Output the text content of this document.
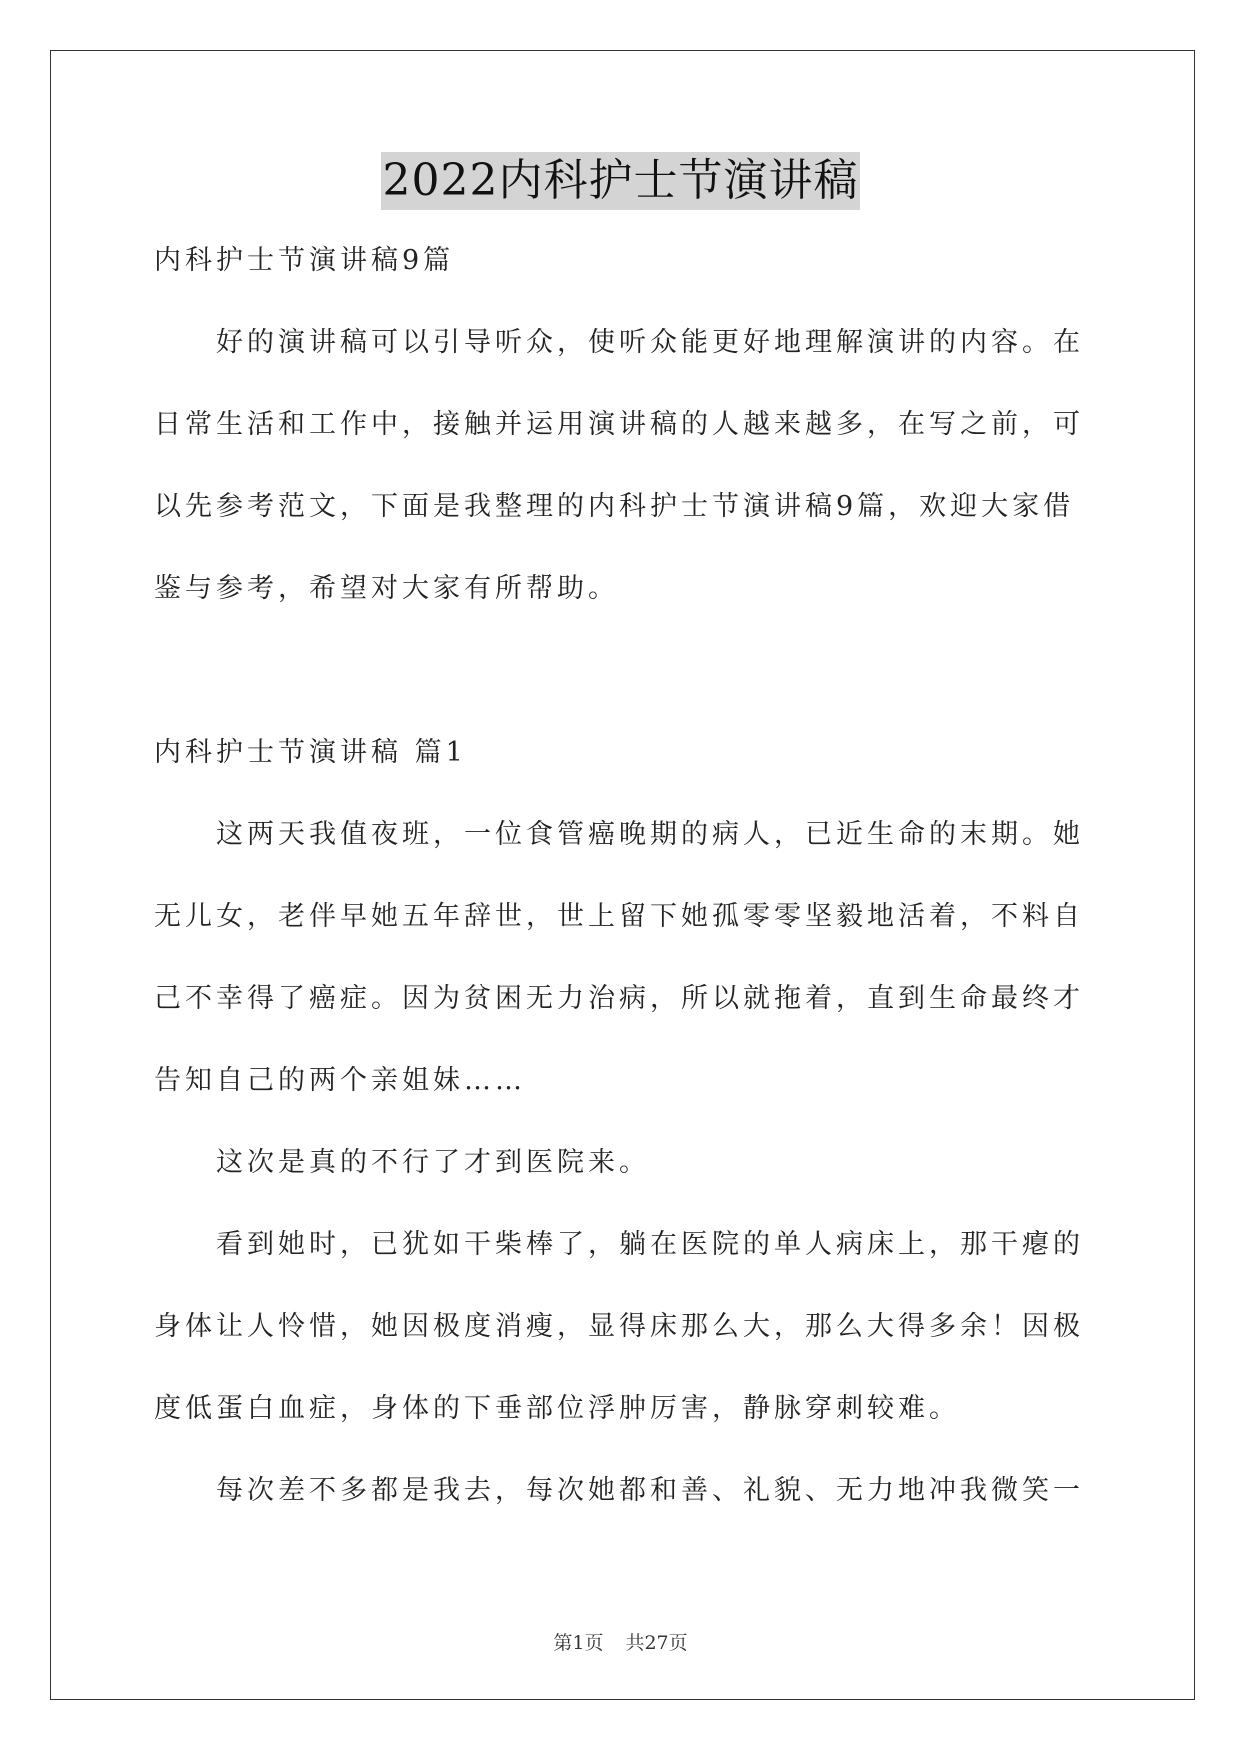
2022内科护士节演讲稿
内科护士节演讲稿9篇
好的演讲稿可以引导听众，使听众能更好地理解演讲的内容。在
日常生活和工作中，接触并运用演讲稿的人越来越多，在写之前，可
以先参考范文，下面是我整理的内科护士节演讲稿9篇，欢迎大家借
鉴与参考，希望对大家有所帮助。
内科护士节演讲稿 篇1
这两天我值夜班，一位食管癌晚期的病人，已近生命的末期。她
无儿女，老伴早她五年辞世，世上留下她孤零零坚毅地活着，不料自
己不幸得了癌症。因为贫困无力治病，所以就拖着，直到生命最终才
告知自己的两个亲姐妹……
这次是真的不行了才到医院来。
看到她时，已犹如干柴棒了，躺在医院的单人病床上，那干瘪的
身体让人怜惜，她因极度消瘦，显得床那么大，那么大得多余！因极
度低蛋白血症，身体的下垂部位浮肿厉害，静脉穿刺较难。
每次差不多都是我去，每次她都和善、礼貌、无力地冲我微笑一
第1页 共27页
